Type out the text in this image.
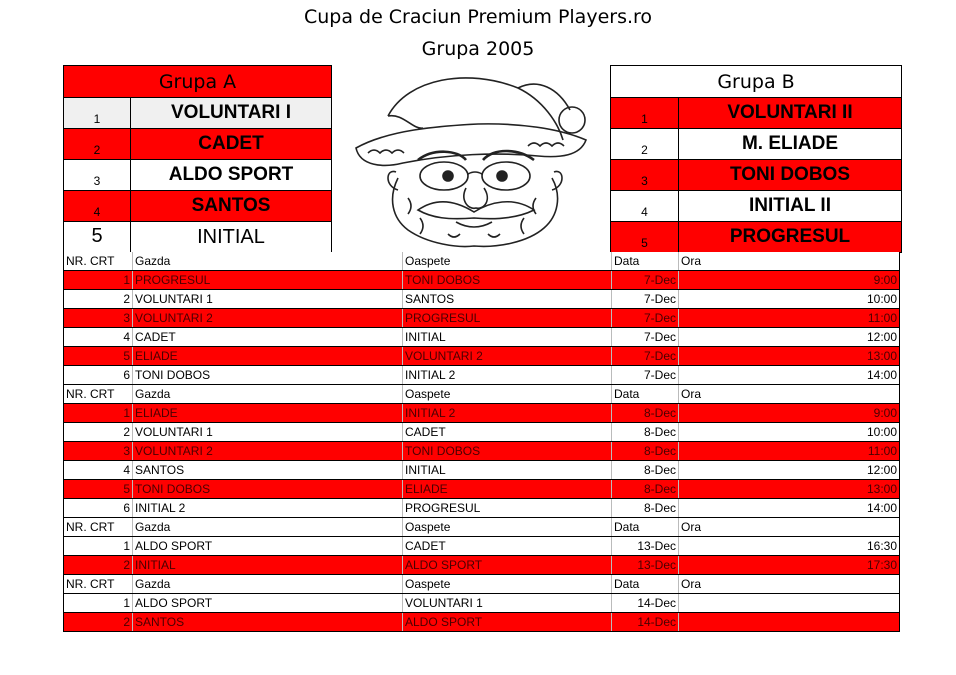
Cupa de Craciun Premium Players.ro
Grupa 2005
Grupa A	
1	VOLUNTARI I
2	CADET
3	ALDO SPORT
4	SANTOS
5	INITIAL
Grupa B	
1	VOLUNTARI II
2	M. ELIADE
3	TONI DOBOS
4	INITIAL II
5	PROGRESUL
NR. CRT	Gazda	Oaspete	Data	Ora
1	PROGRESUL	TONI DOBOS	7-Dec	9:00
2	VOLUNTARI 1	SANTOS	7-Dec	10:00
3	VOLUNTARI 2	PROGRESUL	7-Dec	11:00
4	CADET	INITIAL	7-Dec	12:00
5	ELIADE	VOLUNTARI 2	7-Dec	13:00
6	TONI DOBOS	INITIAL 2	7-Dec	14:00
NR. CRT	Gazda	Oaspete	Data	Ora
1	ELIADE	INITIAL 2	8-Dec	9:00
2	VOLUNTARI 1	CADET	8-Dec	10:00
3	VOLUNTARI 2	TONI DOBOS	8-Dec	11:00
4	SANTOS	INITIAL	8-Dec	12:00
5	TONI DOBOS	ELIADE	8-Dec	13:00
6	INITIAL 2	PROGRESUL	8-Dec	14:00
NR. CRT	Gazda	Oaspete	Data	Ora
1	ALDO SPORT	CADET	13-Dec	16:30
2	INITIAL	ALDO SPORT	13-Dec	17:30
NR. CRT	Gazda	Oaspete	Data	Ora
1	ALDO SPORT	VOLUNTARI 1	14-Dec	
2	SANTOS	ALDO SPORT	14-Dec	
